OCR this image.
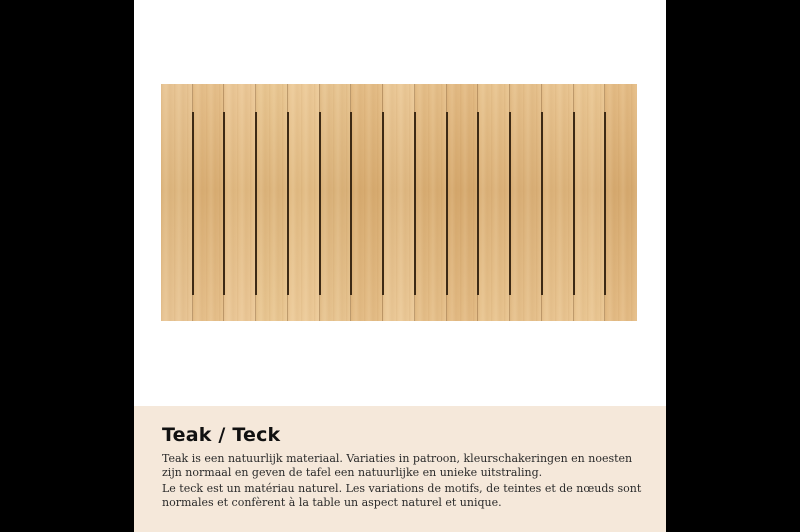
Teak / Teck

Teak is een natuurlijk materiaal. Variaties in patroon, kleurschakeringen en noesten zijn normaal en geven de tafel een natuurlijke en unieke uitstraling.

Le teck est un matériau naturel. Les variations de motifs, de teintes et de nœuds sont normales et confèrent à la table un aspect naturel et unique.
